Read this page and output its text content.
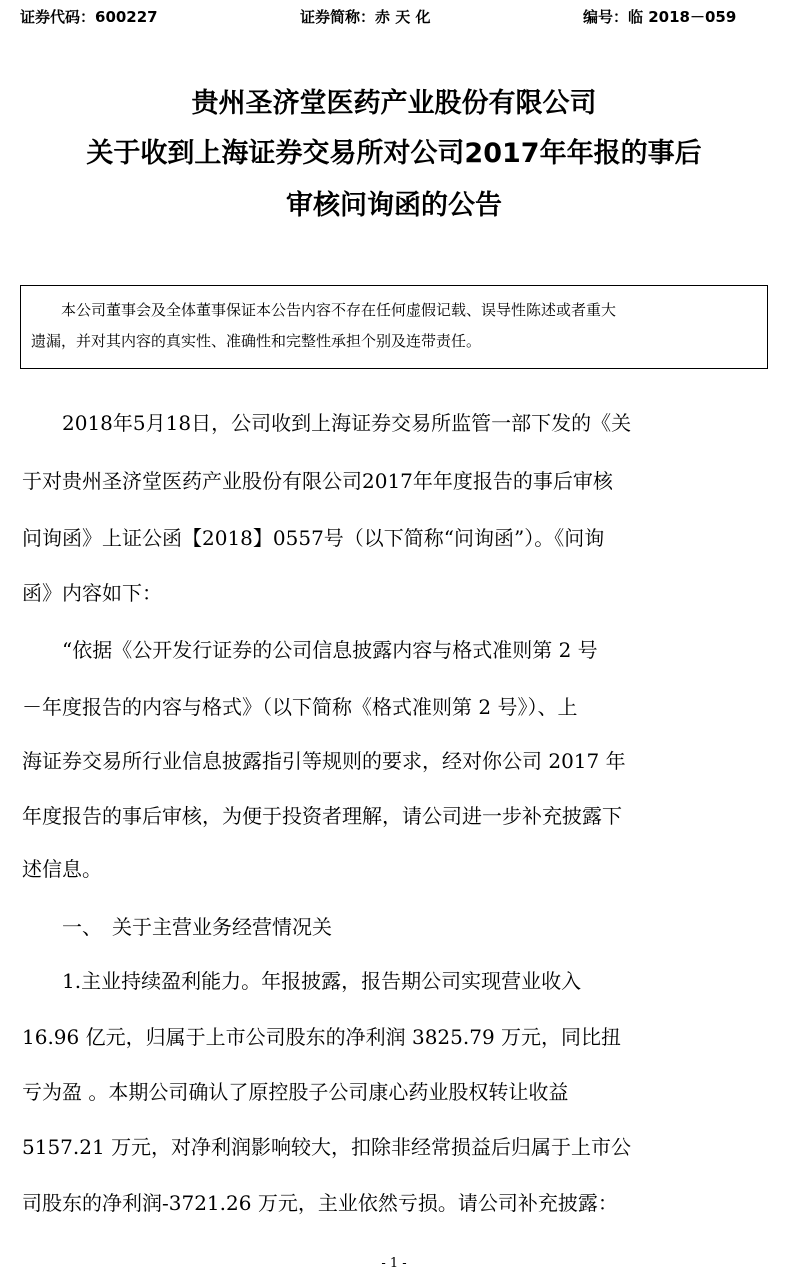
证券代码：600227	证券简称：赤 天 化	编号：临 2018－059
贵州圣济堂医药产业股份有限公司
关于收到上海证券交易所对公司2017年年报的事后
审核问询函的公告
本公司董事会及全体董事保证本公告内容不存在任何虚假记载、误导性陈述或者重大
遗漏，并对其内容的真实性、准确性和完整性承担个别及连带责任。
　　2018年5月18日，公司收到上海证券交易所监管一部下发的《关
于对贵州圣济堂医药产业股份有限公司2017年年度报告的事后审核
问询函》上证公函【2018】0557号（以下简称“问询函”）。《问询
函》内容如下：
　　“依据《公开发行证券的公司信息披露内容与格式准则第 2 号
－年度报告的内容与格式》（以下简称《格式准则第 2 号》）、上
海证券交易所行业信息披露指引等规则的要求，经对你公司 2017 年
年度报告的事后审核，为便于投资者理解，请公司进一步补充披露下
述信息。
　　一、　关于主营业务经营情况关
　　1.主业持续盈利能力。年报披露，报告期公司实现营业收入
16.96 亿元，归属于上市公司股东的净利润 3825.79 万元，同比扭
亏为盈 。本期公司确认了原控股子公司康心药业股权转让收益
5157.21 万元，对净利润影响较大，扣除非经常损益后归属于上市公
司股东的净利润-3721.26 万元，主业依然亏损。请公司补充披露：
- 1 -
